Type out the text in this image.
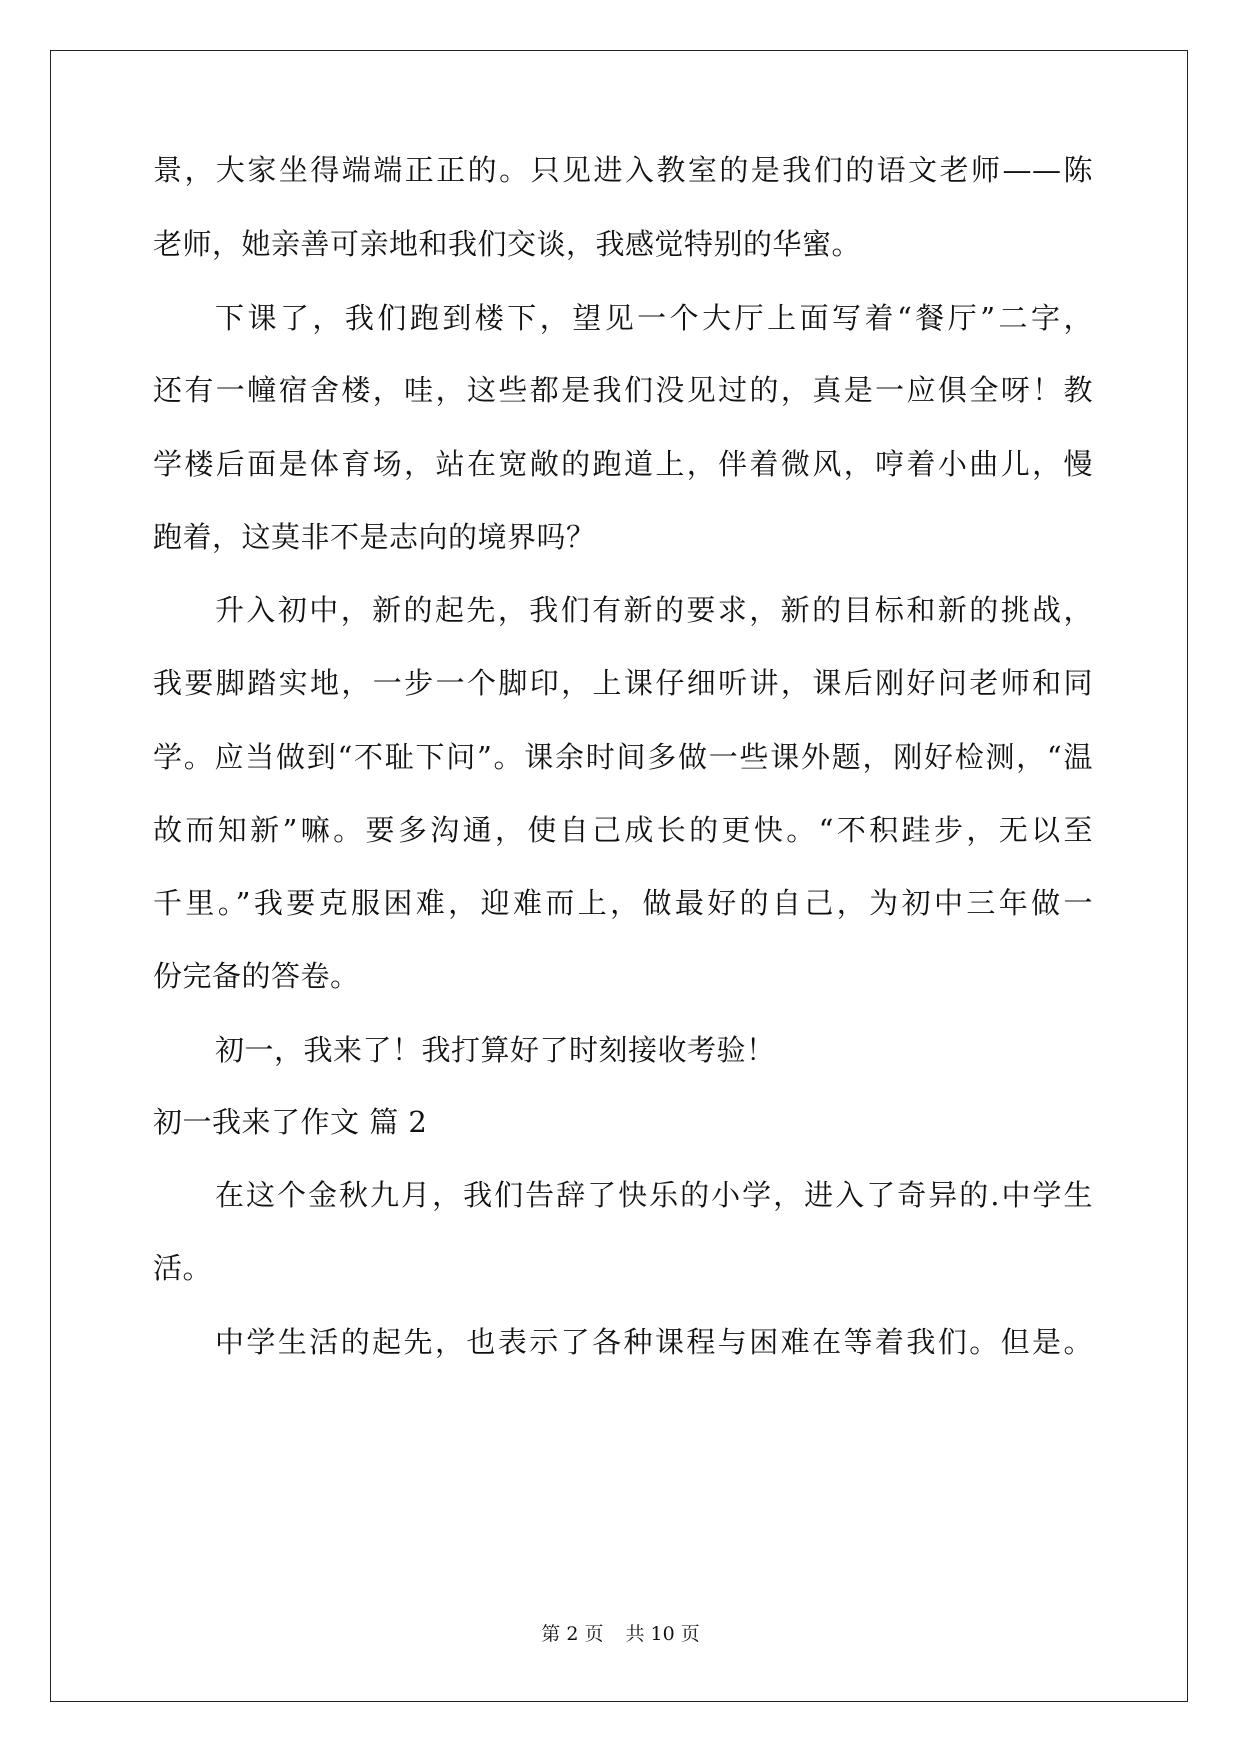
景，大家坐得端端正正的。只见进入教室的是我们的语文老师——陈
老师，她亲善可亲地和我们交谈，我感觉特别的华蜜。
下课了，我们跑到楼下，望见一个大厅上面写着“餐厅”二字，
还有一幢宿舍楼，哇，这些都是我们没见过的，真是一应俱全呀！教
学楼后面是体育场，站在宽敞的跑道上，伴着微风，哼着小曲儿，慢
跑着，这莫非不是志向的境界吗？
升入初中，新的起先，我们有新的要求，新的目标和新的挑战，
我要脚踏实地，一步一个脚印，上课仔细听讲，课后刚好问老师和同
学。应当做到“不耻下问”。课余时间多做一些课外题，刚好检测，“温
故而知新”嘛。要多沟通，使自己成长的更快。“不积跬步，无以至
千里。”我要克服困难，迎难而上，做最好的自己，为初中三年做一
份完备的答卷。
初一，我来了！我打算好了时刻接收考验！
初一我来了作文 篇 2
在这个金秋九月，我们告辞了快乐的小学，进入了奇异的.中学生
活。
中学生活的起先，也表示了各种课程与困难在等着我们。但是。
第 2 页 共 10 页
